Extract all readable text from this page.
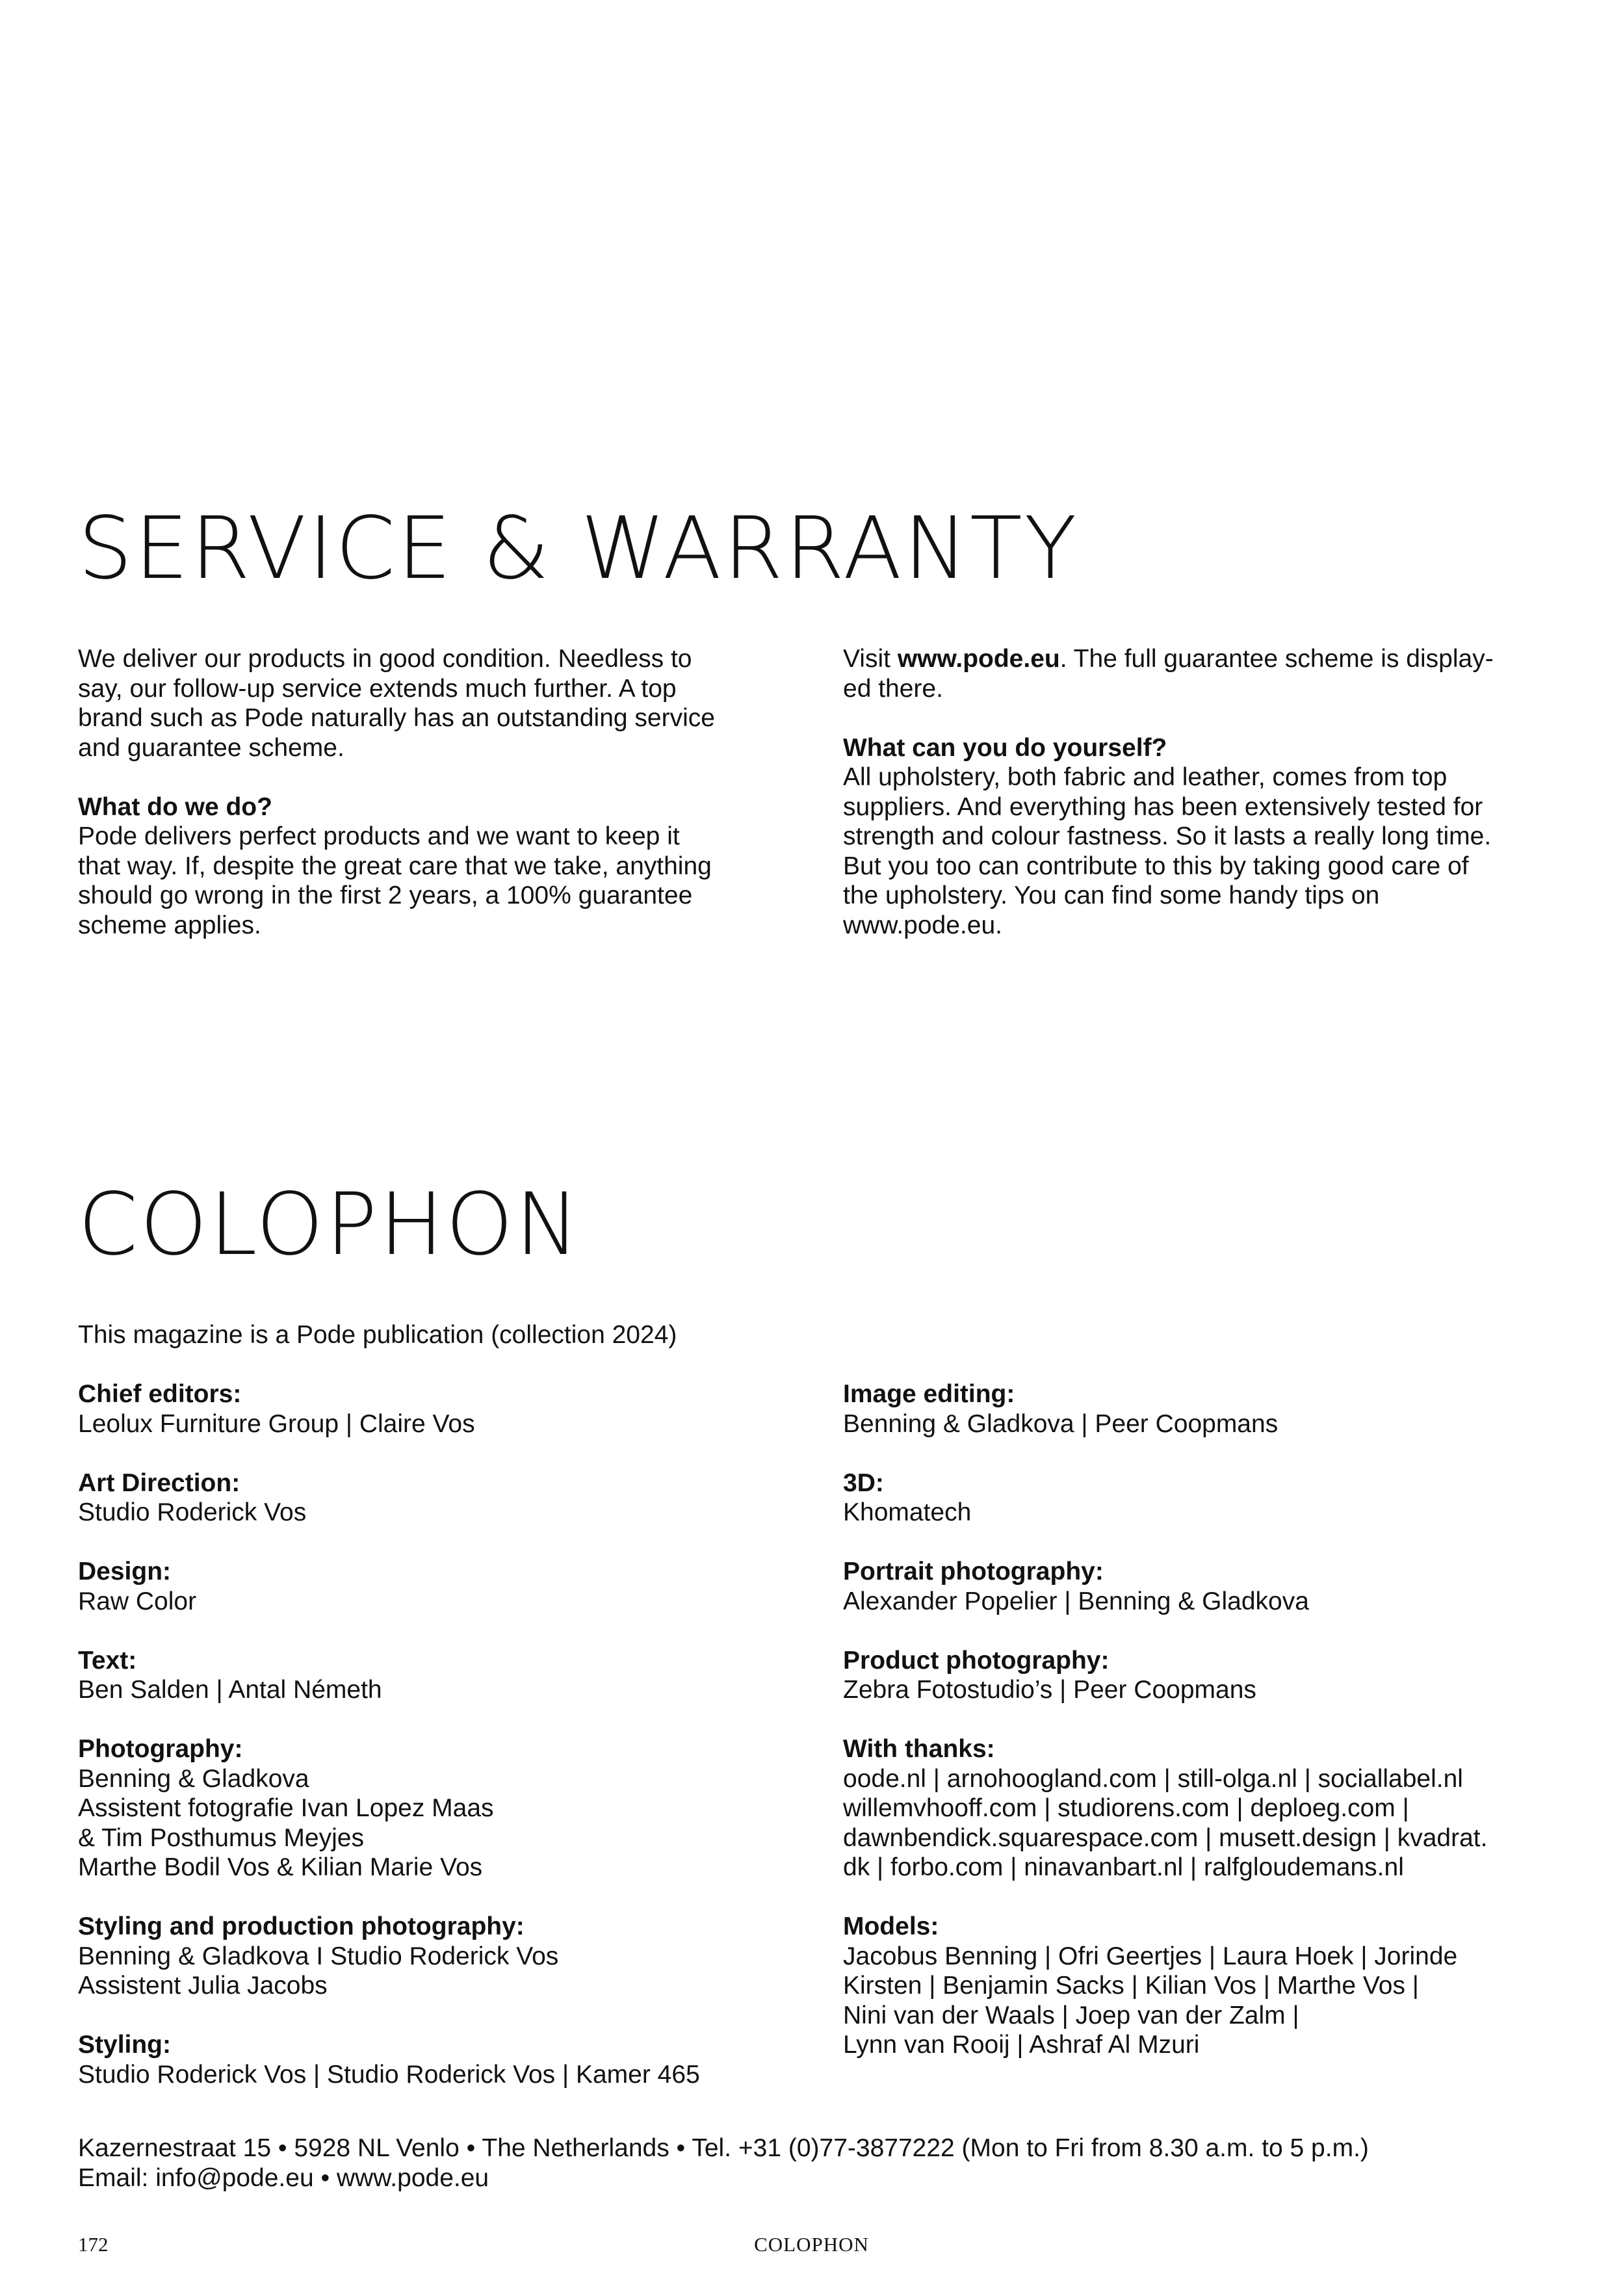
SERVICE & WARRANTY
We deliver our products in good condition. Needless to
say, our follow-up service extends much further. A top
brand such as Pode naturally has an outstanding service
and guarantee scheme.
What do we do?
Pode delivers perfect products and we want to keep it
that way. If, despite the great care that we take, anything
should go wrong in the first 2 years, a 100% guarantee
scheme applies.
Visit www.pode.eu. The full guarantee scheme is display-
ed there.
What can you do yourself?
All upholstery, both fabric and leather, comes from top
suppliers. And everything has been extensively tested for
strength and colour fastness. So it lasts a really long time.
But you too can contribute to this by taking good care of
the upholstery. You can find some handy tips on
www.pode.eu.
COLOPHON
This magazine is a Pode publication (collection 2024)
Chief editors:
Leolux Furniture Group | Claire Vos
Art Direction:
Studio Roderick Vos
Design:
Raw Color
Text:
Ben Salden | Antal Németh
Photography:
Benning & Gladkova
Assistent fotografie Ivan Lopez Maas
& Tim Posthumus Meyjes
Marthe Bodil Vos & Kilian Marie Vos
Styling and production photography:
Benning & Gladkova I Studio Roderick Vos
Assistent Julia Jacobs
Styling:
Studio Roderick Vos | Studio Roderick Vos | Kamer 465
Image editing:
Benning & Gladkova | Peer Coopmans
3D:
Khomatech
Portrait photography:
Alexander Popelier | Benning & Gladkova
Product photography:
Zebra Fotostudio’s | Peer Coopmans
With thanks:
oode.nl | arnohoogland.com | still-olga.nl | sociallabel.nl
willemvhooff.com | studiorens.com | deploeg.com |
dawnbendick.squarespace.com | musett.design | kvadrat.
dk | forbo.com | ninavanbart.nl | ralfgloudemans.nl
Models:
Jacobus Benning | Ofri Geertjes | Laura Hoek | Jorinde
Kirsten | Benjamin Sacks | Kilian Vos | Marthe Vos |
Nini van der Waals | Joep van der Zalm |
Lynn van Rooij | Ashraf Al Mzuri
Kazernestraat 15 • 5928 NL Venlo • The Netherlands • Tel. +31 (0)77-3877222 (Mon to Fri from 8.30 a.m. to 5 p.m.)
Email: info@pode.eu • www.pode.eu
172	COLOPHON
